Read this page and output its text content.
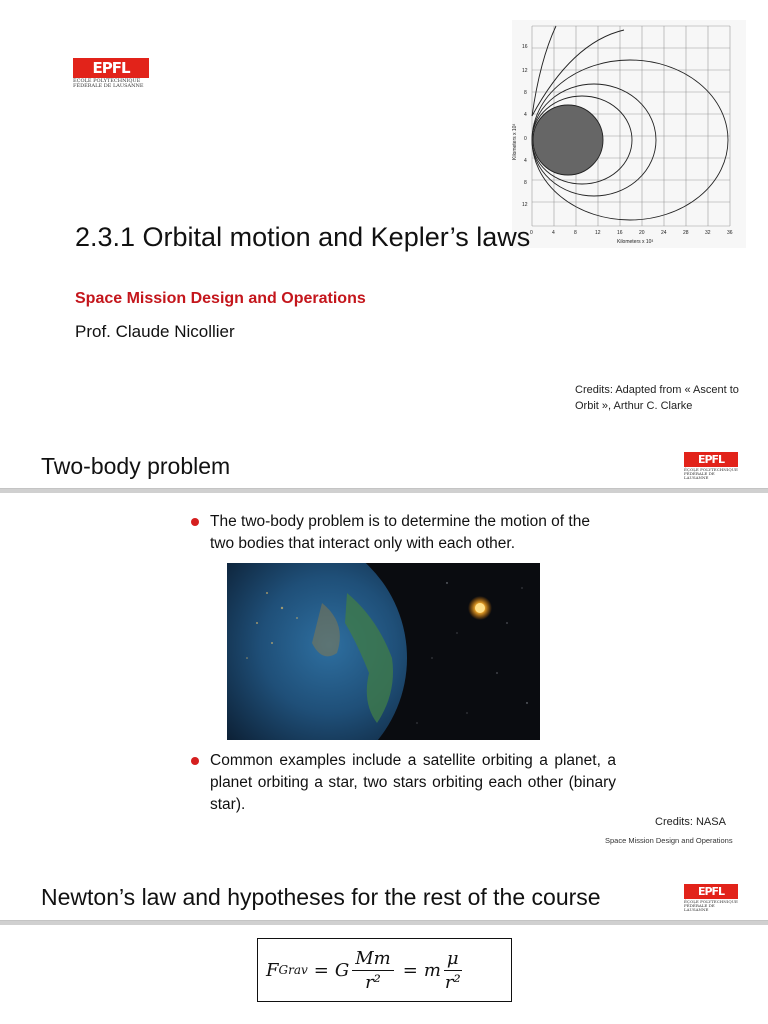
EPFL
ÉCOLE POLYTECHNIQUE
FÉDÉRALE DE LAUSANNE
16
12
8
4
0
4
8
12
0	4	8	12	16	20	24	28	32	36
Kilometers x 10³
Kilometers x 10³
2.3.1 Orbital motion and Kepler’s laws
Space Mission Design and Operations
Prof. Claude Nicollier
Credits: Adapted from « Ascent to Orbit », Arthur C. Clarke
Two-body problem	EPFL
ÉCOLE POLYTECHNIQUE
FÉDÉRALE DE LAUSANNE
The two-body problem is to determine the motion of the two bodies that interact only with each other.
Common examples include a satellite orbiting a planet, a planet orbiting a star, two stars orbiting each other (binary star).
Credits: NASA
Space Mission Design and Operations
Newton’s law and hypotheses for the rest of the course	EPFL
ÉCOLE POLYTECHNIQUE
FÉDÉRALE DE LAUSANNE
F Grav = G $\frac{Mm}{\text{r²}} = m \frac{\mu}{\text{r²}}$
